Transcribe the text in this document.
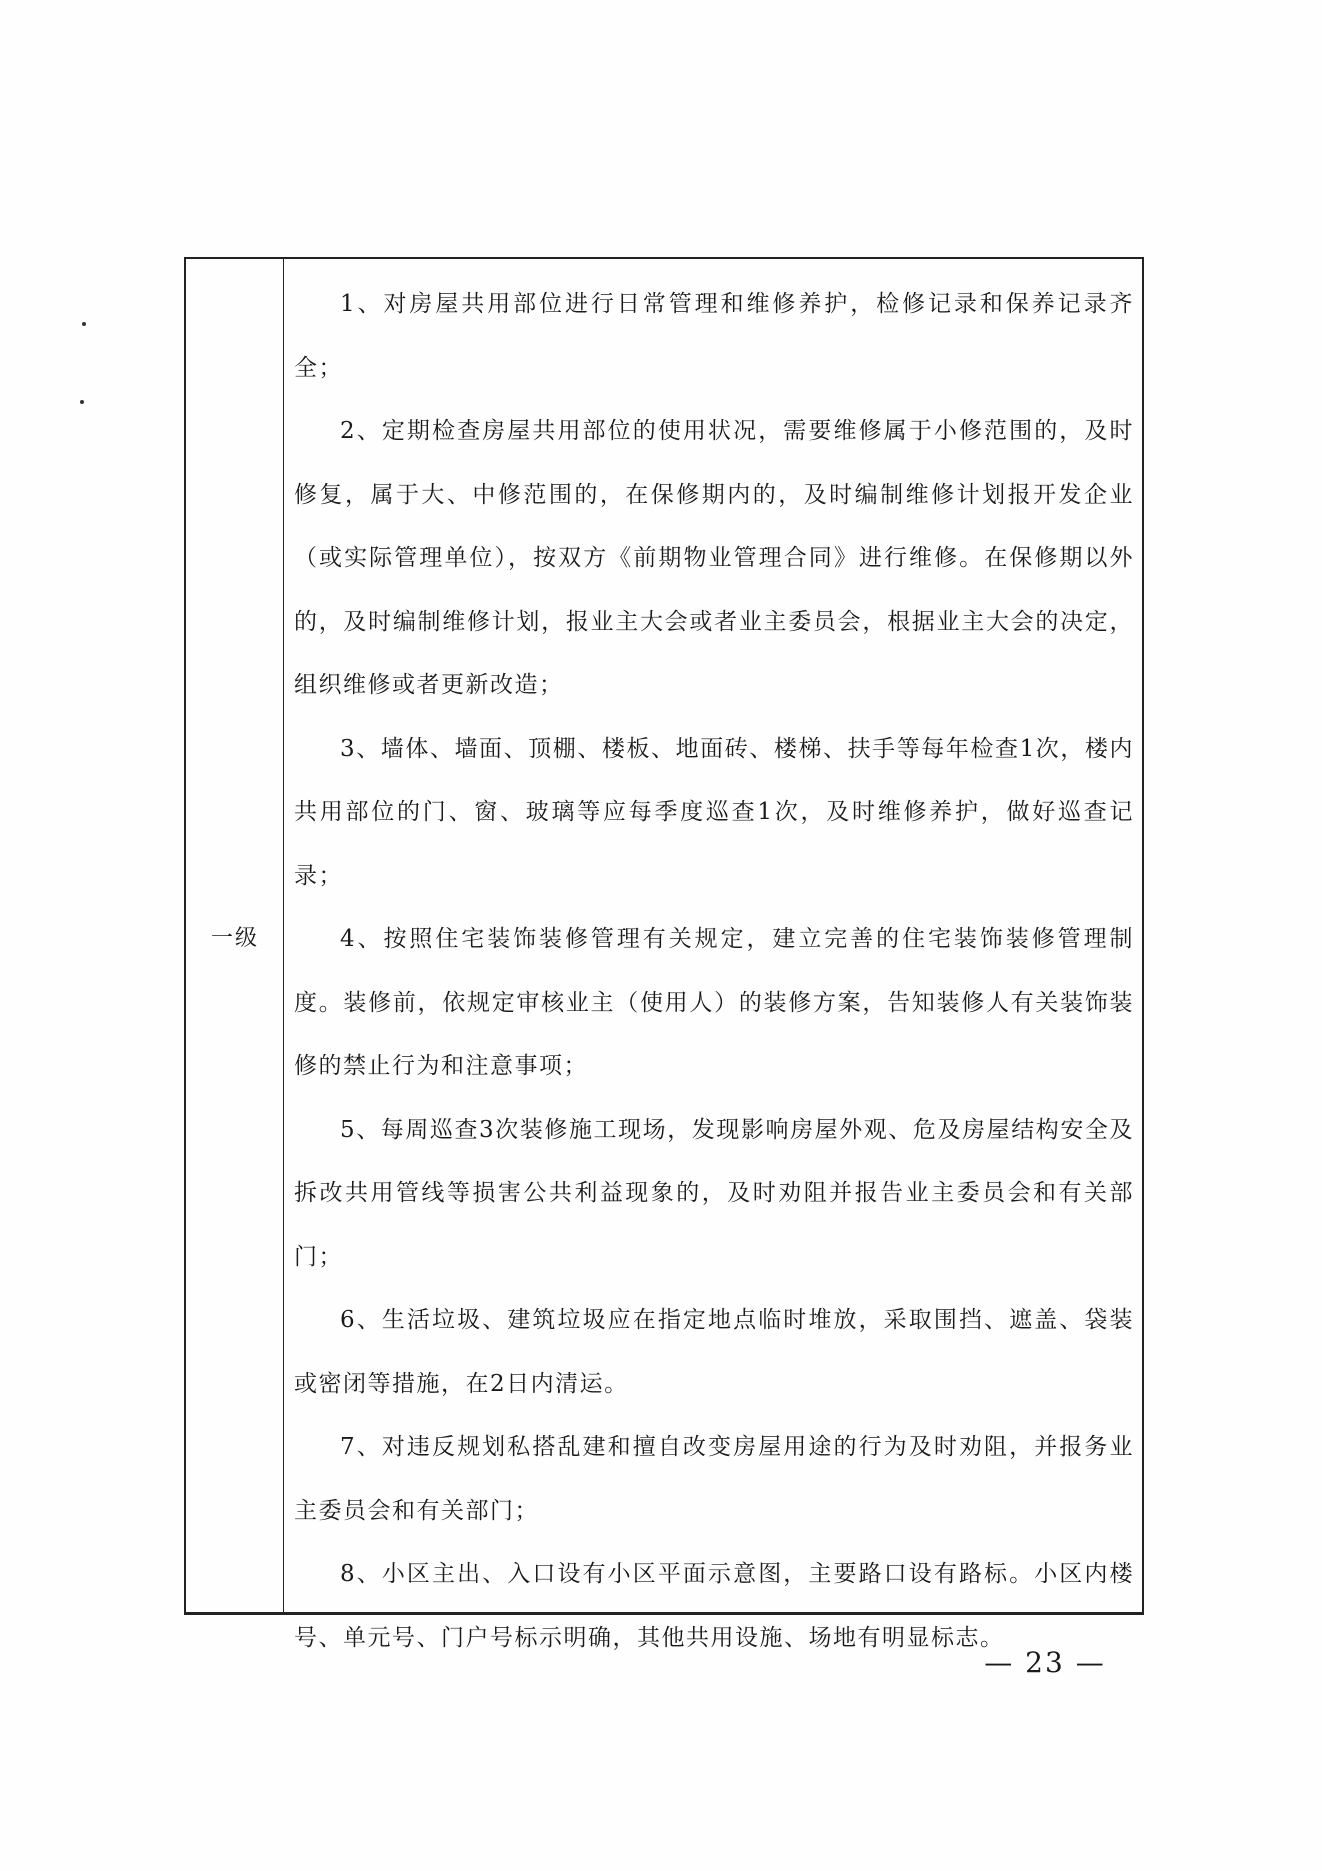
一级

1、对房屋共用部位进行日常管理和维修养护，检修记录和保养记录齐全；

2、定期检查房屋共用部位的使用状况，需要维修属于小修范围的，及时修复，属于大、中修范围的，在保修期内的，及时编制维修计划报开发企业（或实际管理单位），按双方《前期物业管理合同》进行维修。在保修期以外的，及时编制维修计划，报业主大会或者业主委员会，根据业主大会的决定，组织维修或者更新改造；

3、墙体、墙面、顶棚、楼板、地面砖、楼梯、扶手等每年检查1次，楼内共用部位的门、窗、玻璃等应每季度巡查1次，及时维修养护，做好巡查记录；

4、按照住宅装饰装修管理有关规定，建立完善的住宅装饰装修管理制度。装修前，依规定审核业主（使用人）的装修方案，告知装修人有关装饰装修的禁止行为和注意事项；

5、每周巡查3次装修施工现场，发现影响房屋外观、危及房屋结构安全及拆改共用管线等损害公共利益现象的，及时劝阻并报告业主委员会和有关部门；

6、生活垃圾、建筑垃圾应在指定地点临时堆放，采取围挡、遮盖、袋装或密闭等措施，在2日内清运。

7、对违反规划私搭乱建和擅自改变房屋用途的行为及时劝阻，并报务业主委员会和有关部门；

8、小区主出、入口设有小区平面示意图，主要路口设有路标。小区内楼号、单元号、门户号标示明确，其他共用设施、场地有明显标志。

— 23 —
